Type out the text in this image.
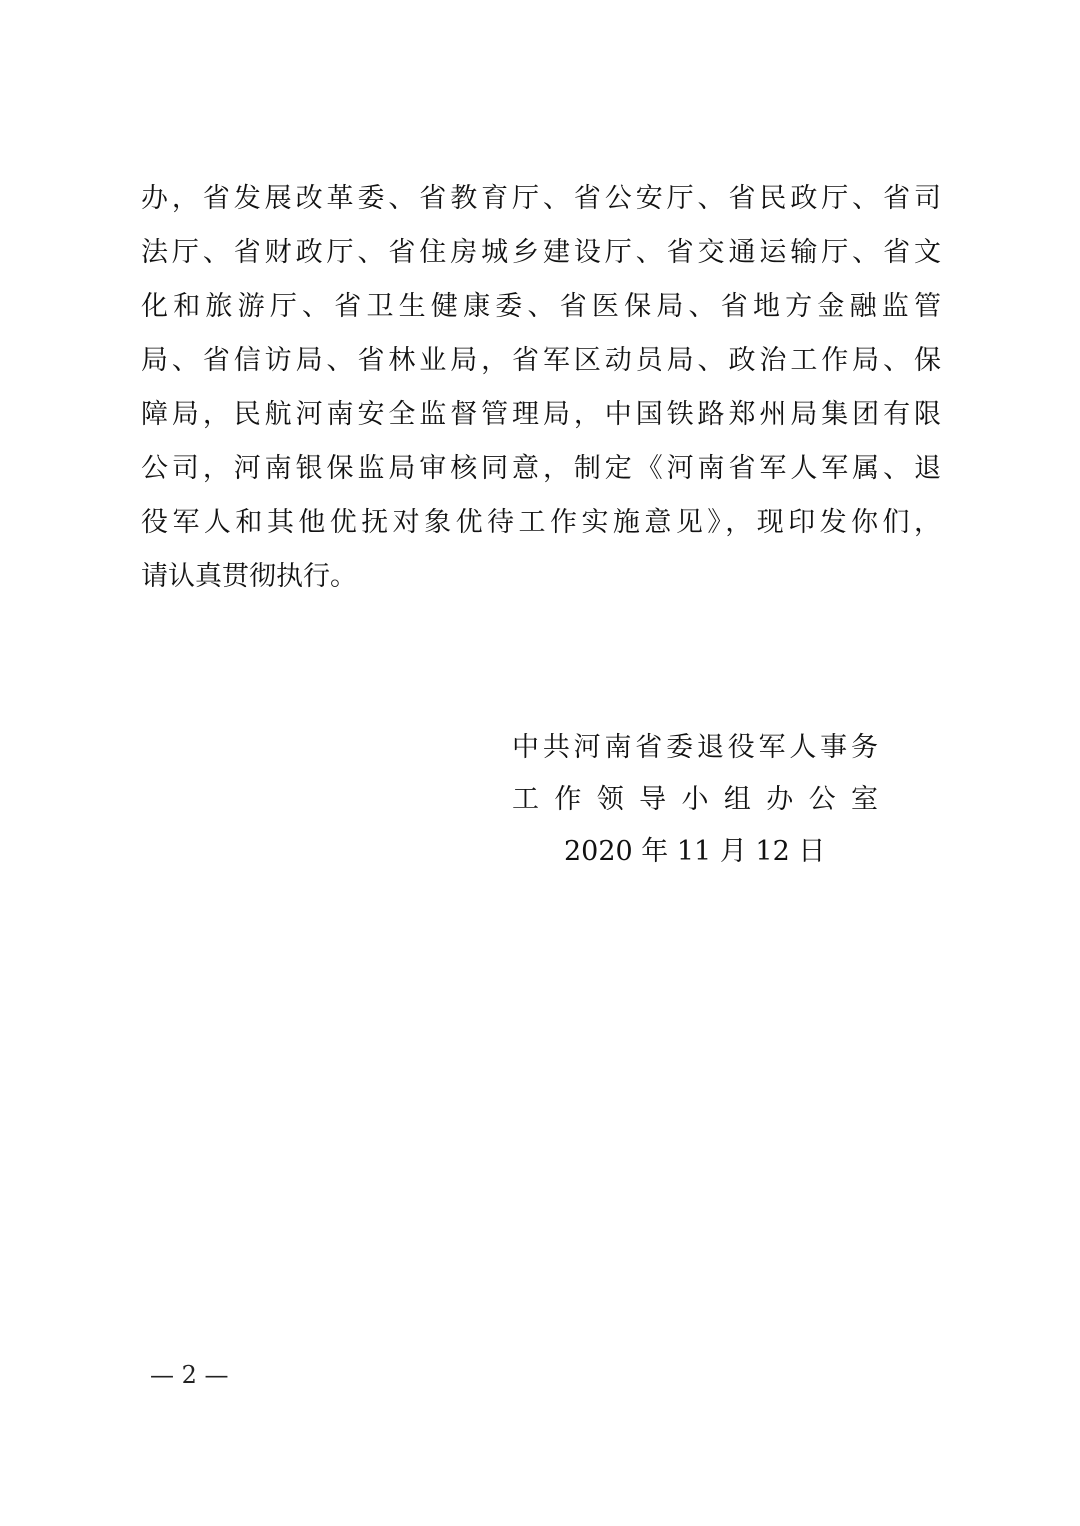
办，省发展改革委、省教育厅、省公安厅、省民政厅、省司
法厅、省财政厅、省住房城乡建设厅、省交通运输厅、省文
化和旅游厅、省卫生健康委、省医保局、省地方金融监管
局、省信访局、省林业局，省军区动员局、政治工作局、保
障局，民航河南安全监督管理局，中国铁路郑州局集团有限
公司，河南银保监局审核同意，制定《河南省军人军属、退
役军人和其他优抚对象优待工作实施意见》，现印发你们，
请认真贯彻执行。
中共河南省委退役军人事务
工作领导小组办公室
2020 年 11 月 12 日
— 2 —
